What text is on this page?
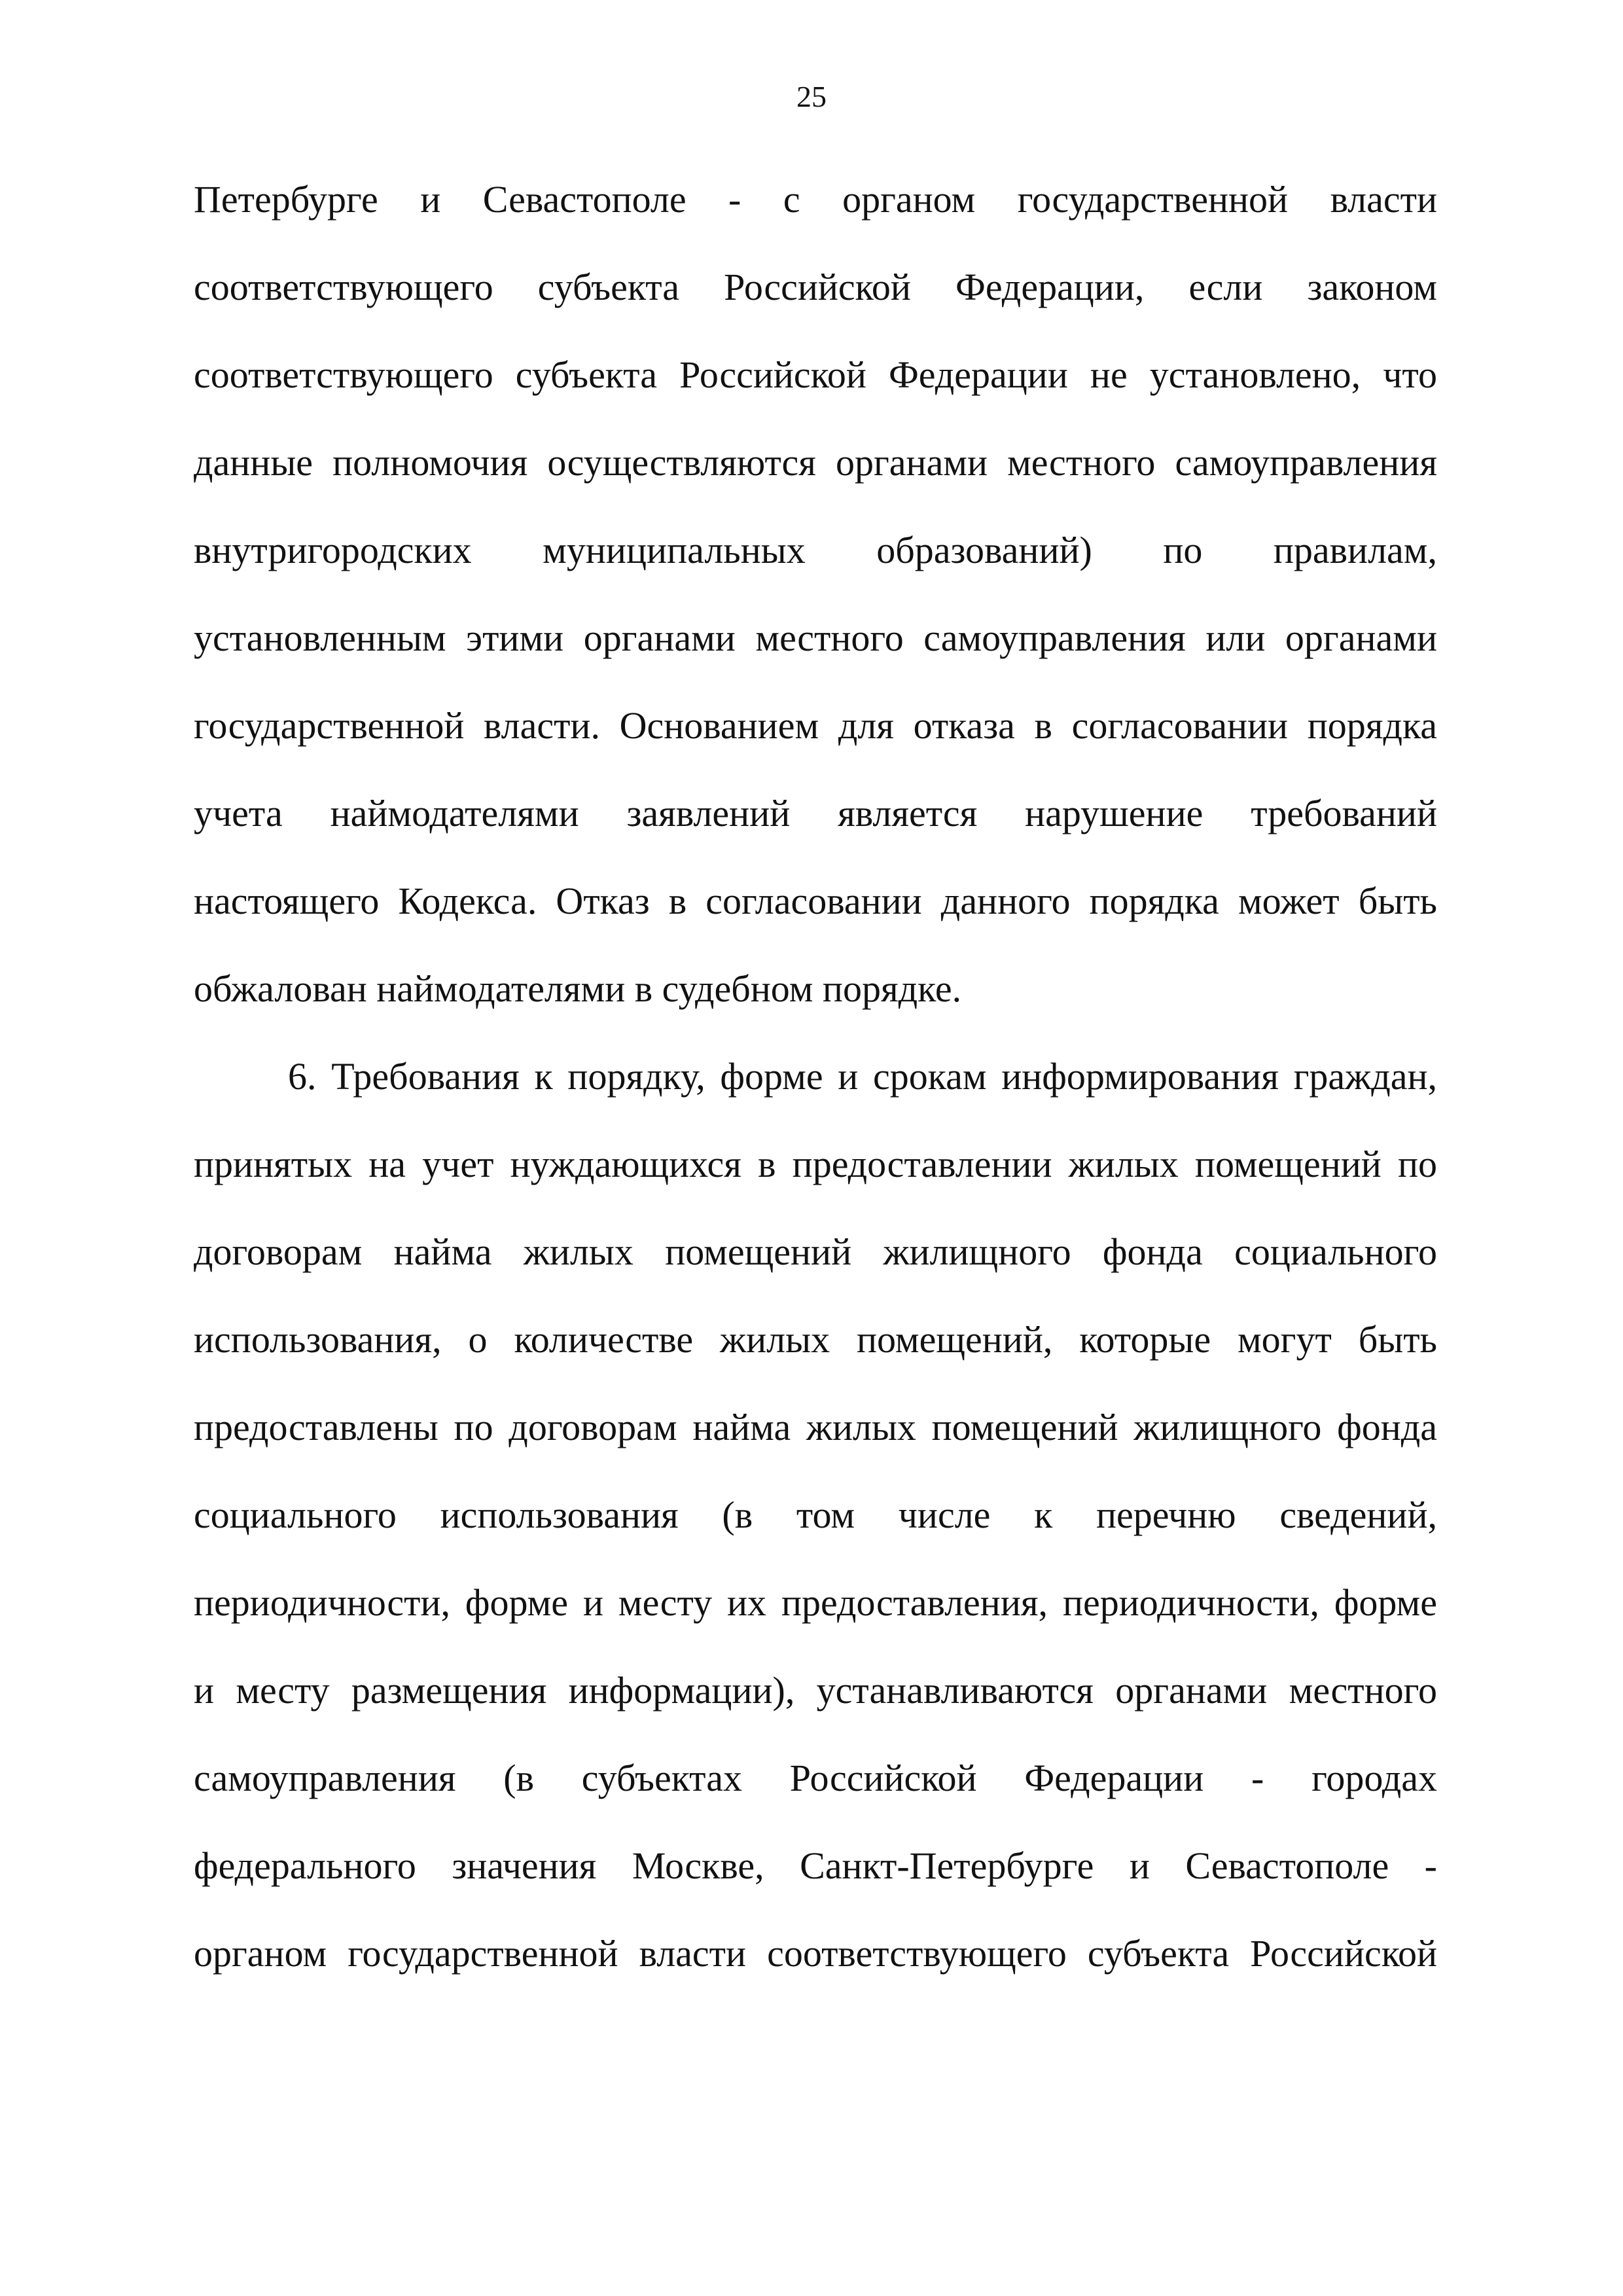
25
Петербурге и Севастополе - с органом государственной власти
соответствующего субъекта Российской Федерации, если законом
соответствующего субъекта Российской Федерации не установлено, что
данные полномочия осуществляются органами местного самоуправления
внутригородских муниципальных образований) по правилам,
установленным этими органами местного самоуправления или органами
государственной власти. Основанием для отказа в согласовании порядка
учета наймодателями заявлений является нарушение требований
настоящего Кодекса. Отказ в согласовании данного порядка может быть
обжалован наймодателями в судебном порядке.
6. Требования к порядку, форме и срокам информирования граждан,
принятых на учет нуждающихся в предоставлении жилых помещений по
договорам найма жилых помещений жилищного фонда социального
использования, о количестве жилых помещений, которые могут быть
предоставлены по договорам найма жилых помещений жилищного фонда
социального использования (в том числе к перечню сведений,
периодичности, форме и месту их предоставления, периодичности, форме
и месту размещения информации), устанавливаются органами местного
самоуправления (в субъектах Российской Федерации - городах
федерального значения Москве, Санкт-Петербурге и Севастополе -
органом государственной власти соответствующего субъекта Российской
